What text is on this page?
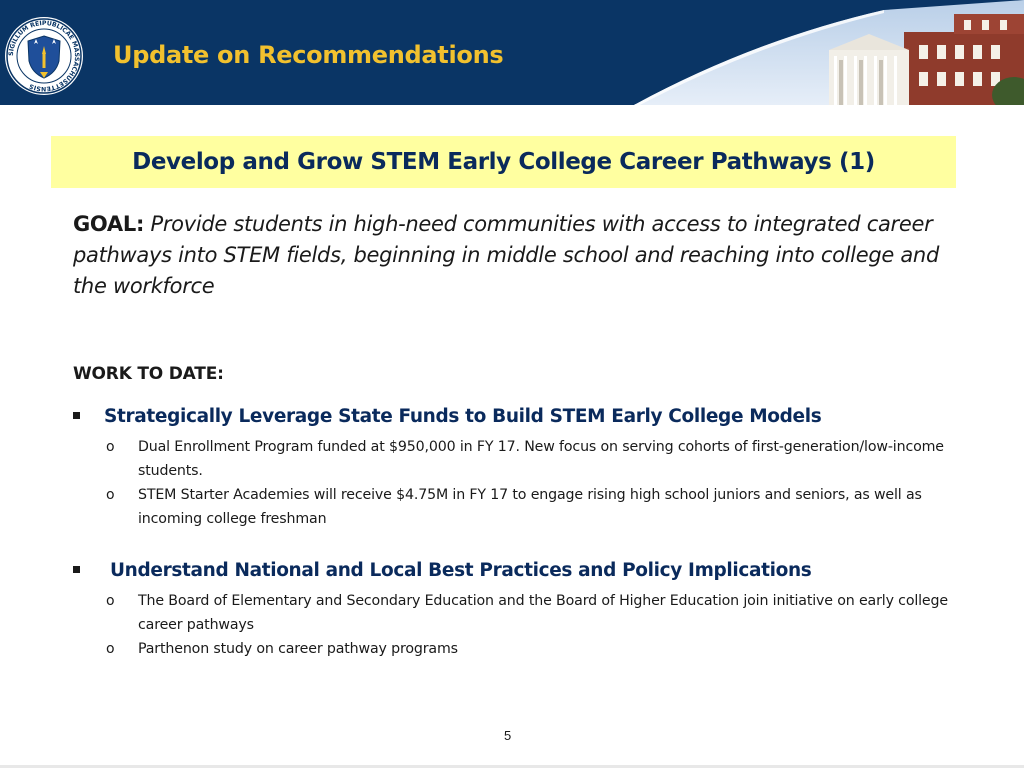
SIGILLUM REIPUBLICAE MASSACHUSETTENSIS
Update on Recommendations
Develop and Grow STEM Early College Career Pathways (1)
GOAL: Provide students in high-need communities with access to integrated career pathways into STEM fields, beginning in middle school and reaching into college and the workforce
WORK TO DATE:
Strategically Leverage State Funds to Build STEM Early College Models
o Dual Enrollment Program funded at $950,000 in FY 17. New focus on serving cohorts of first-generation/low-income students.
o STEM Starter Academies will receive $4.75M in FY 17 to engage rising high school juniors and seniors, as well as incoming college freshman
Understand National and Local Best Practices and Policy Implications
o The Board of Elementary and Secondary Education and the Board of Higher Education join initiative on early college career pathways
o Parthenon study on career pathway programs
5
